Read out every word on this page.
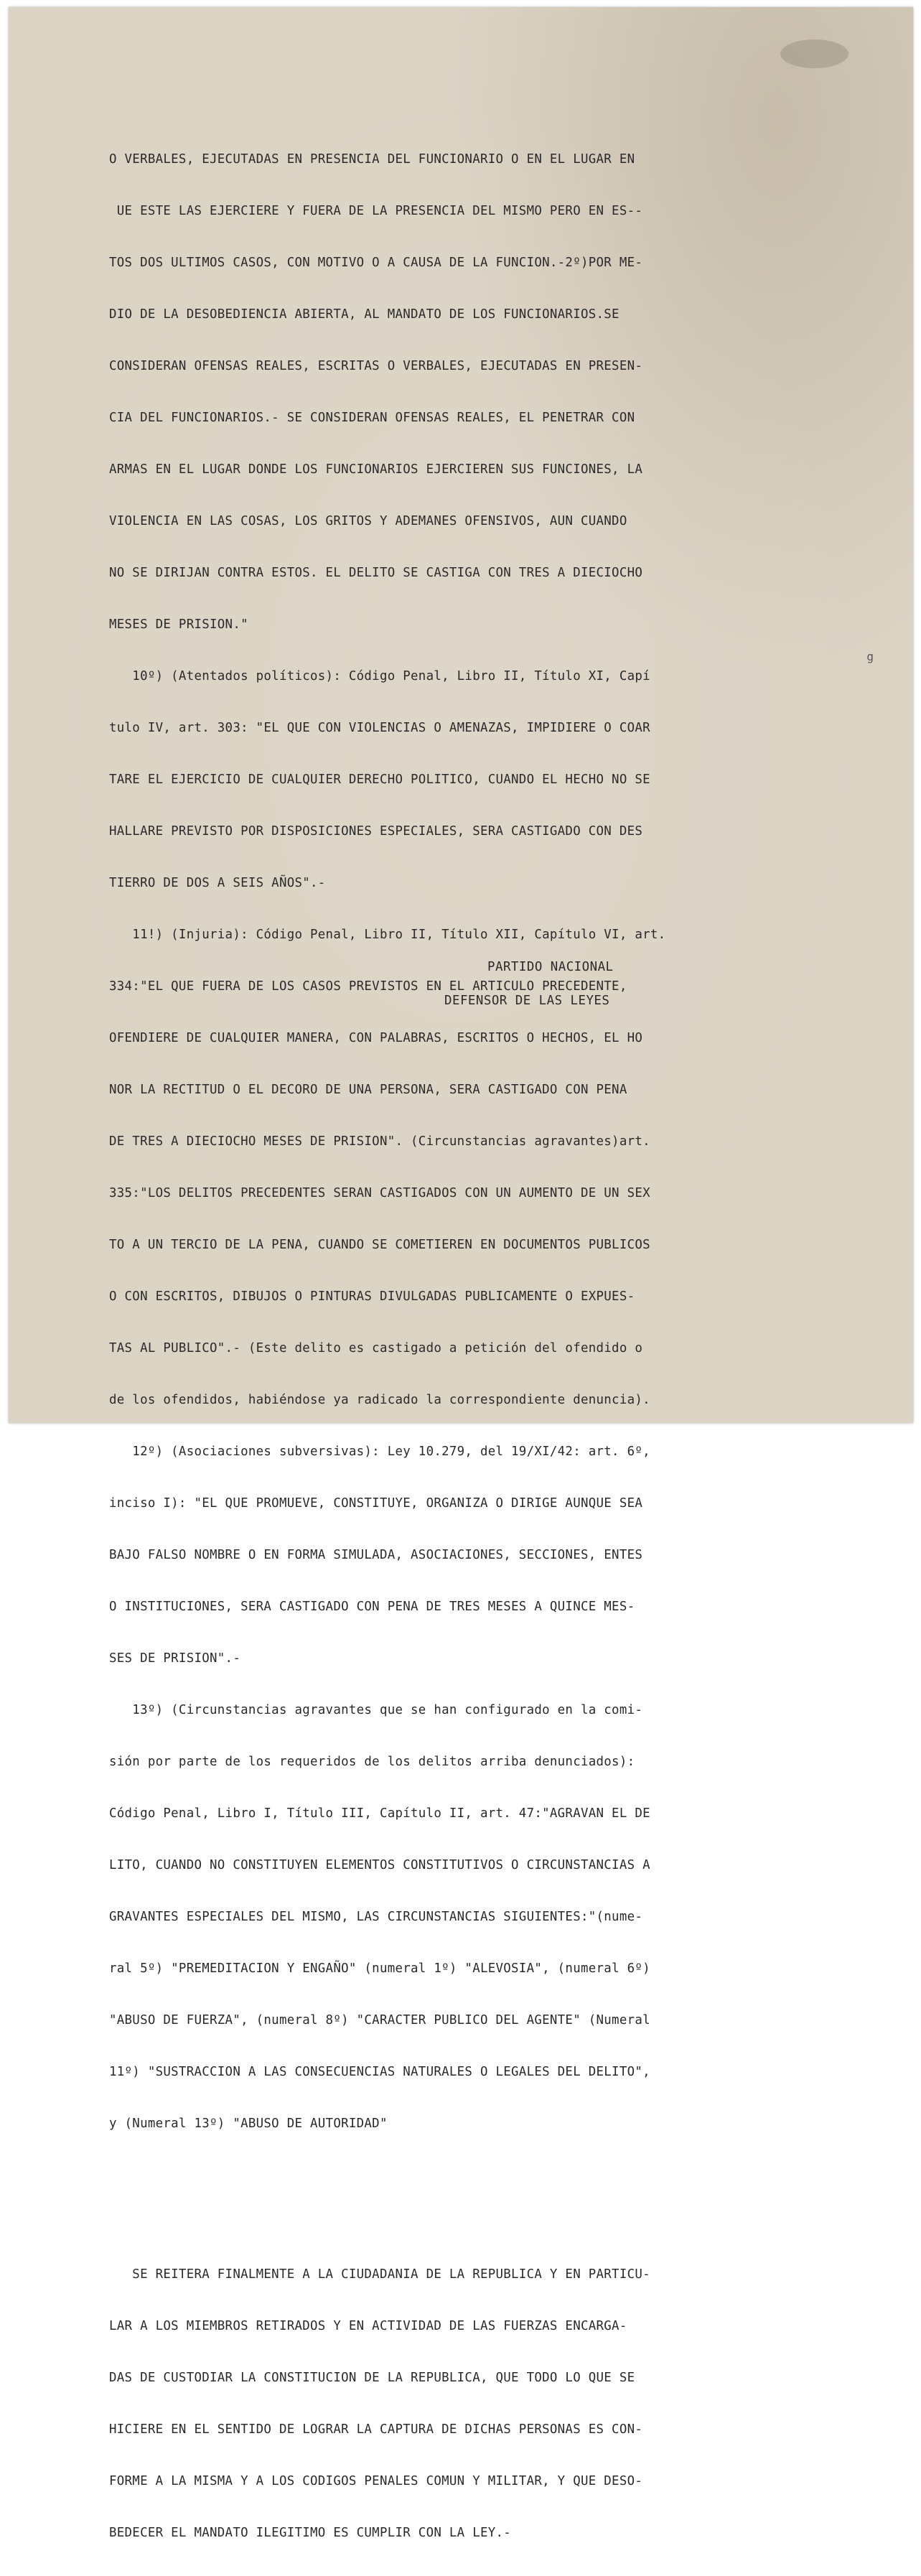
O VERBALES, EJECUTADAS EN PRESENCIA DEL FUNCIONARIO O EN EL LUGAR EN

UE ESTE LAS EJERCIERE Y FUERA DE LA PRESENCIA DEL MISMO PERO EN ES--

TOS DOS ULTIMOS CASOS, CON MOTIVO O A CAUSA DE LA FUNCION.-2º)POR ME-

DIO DE LA DESOBEDIENCIA ABIERTA, AL MANDATO DE LOS FUNCIONARIOS.SE

CONSIDERAN OFENSAS REALES, ESCRITAS O VERBALES, EJECUTADAS EN PRESEN-

CIA DEL FUNCIONARIOS.- SE CONSIDERAN OFENSAS REALES, EL PENETRAR CON

ARMAS EN EL LUGAR DONDE LOS FUNCIONARIOS EJERCIEREN SUS FUNCIONES, LA

VIOLENCIA EN LAS COSAS, LOS GRITOS Y ADEMANES OFENSIVOS, AUN CUANDO

NO SE DIRIJAN CONTRA ESTOS. EL DELITO SE CASTIGA CON TRES A DIECIOCHO

MESES DE PRISION."

10º) (Atentados políticos): Código Penal, Libro II, Título XI, Capí

tulo IV, art. 303: "EL QUE CON VIOLENCIAS O AMENAZAS, IMPIDIERE O COAR

TARE EL EJERCICIO DE CUALQUIER DERECHO POLITICO, CUANDO EL HECHO NO SE

HALLARE PREVISTO POR DISPOSICIONES ESPECIALES, SERA CASTIGADO CON DES

TIERRO DE DOS A SEIS AÑOS".-

11!) (Injuria): Código Penal, Libro II, Título XII, Capítulo VI, art.

334:"EL QUE FUERA DE LOS CASOS PREVISTOS EN EL ARTICULO PRECEDENTE,

OFENDIERE DE CUALQUIER MANERA, CON PALABRAS, ESCRITOS O HECHOS, EL HO

NOR LA RECTITUD O EL DECORO DE UNA PERSONA, SERA CASTIGADO CON PENA

DE TRES A DIECIOCHO MESES DE PRISION". (Circunstancias agravantes)art.

335:"LOS DELITOS PRECEDENTES SERAN CASTIGADOS CON UN AUMENTO DE UN SEX

TO A UN TERCIO DE LA PENA, CUANDO SE COMETIEREN EN DOCUMENTOS PUBLICOS

O CON ESCRITOS, DIBUJOS O PINTURAS DIVULGADAS PUBLICAMENTE O EXPUES-

TAS AL PUBLICO".- (Este delito es castigado a petición del ofendido o

de los ofendidos, habiéndose ya radicado la correspondiente denuncia).

12º) (Asociaciones subversivas): Ley 10.279, del 19/XI/42: art. 6º,

inciso I): "EL QUE PROMUEVE, CONSTITUYE, ORGANIZA O DIRIGE AUNQUE SEA

BAJO FALSO NOMBRE O EN FORMA SIMULADA, ASOCIACIONES, SECCIONES, ENTES

O INSTITUCIONES, SERA CASTIGADO CON PENA DE TRES MESES A QUINCE MES-

SES DE PRISION".-

13º) (Circunstancias agravantes que se han configurado en la comi-

sión por parte de los requeridos de los delitos arriba denunciados):

Código Penal, Libro I, Título III, Capítulo II, art. 47:"AGRAVAN EL DE

LITO, CUANDO NO CONSTITUYEN ELEMENTOS CONSTITUTIVOS O CIRCUNSTANCIAS A

GRAVANTES ESPECIALES DEL MISMO, LAS CIRCUNSTANCIAS SIGUIENTES:"(nume-

ral 5º) "PREMEDITACION Y ENGAÑO" (numeral 1º) "ALEVOSIA", (numeral 6º)

"ABUSO DE FUERZA", (numeral 8º) "CARACTER PUBLICO DEL AGENTE" (Numeral

11º) "SUSTRACCION A LAS CONSECUENCIAS NATURALES O LEGALES DEL DELITO",

y (Numeral 13º) "ABUSO DE AUTORIDAD"

SE REITERA FINALMENTE A LA CIUDADANIA DE LA REPUBLICA Y EN PARTICU-

LAR A LOS MIEMBROS RETIRADOS Y EN ACTIVIDAD DE LAS FUERZAS ENCARGA-

DAS DE CUSTODIAR LA CONSTITUCION DE LA REPUBLICA, QUE TODO LO QUE SE

HICIERE EN EL SENTIDO DE LOGRAR LA CAPTURA DE DICHAS PERSONAS ES CON-

FORME A LA MISMA Y A LOS CODIGOS PENALES COMUN Y MILITAR, Y QUE DESO-

BEDECER EL MANDATO ILEGITIMO ES CUMPLIR CON LA LEY.-

PARTIDO NACIONAL
DEFENSOR DE LAS LEYES
g
